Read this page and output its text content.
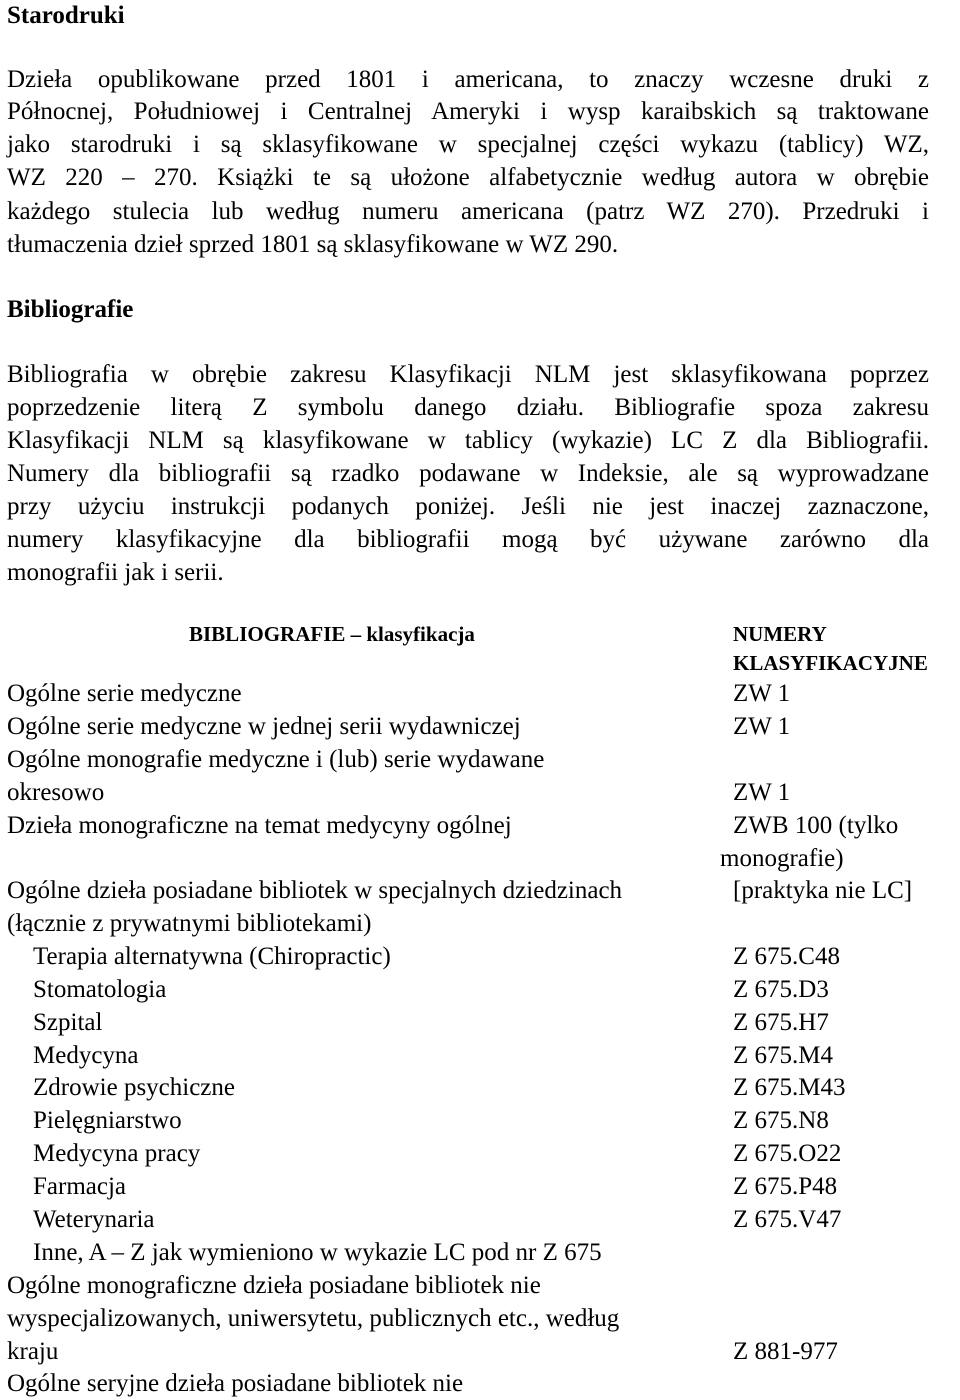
Starodruki
Dzieła opublikowane przed 1801 i americana, to znaczy wczesne druki z
Północnej, Południowej i Centralnej Ameryki i wysp karaibskich są traktowane
jako starodruki i są sklasyfikowane w specjalnej części wykazu (tablicy) WZ,
WZ 220 – 270. Książki te są ułożone alfabetycznie według autora w obrębie
każdego stulecia lub według numeru americana (patrz WZ 270). Przedruki i
tłumaczenia dzieł sprzed 1801 są sklasyfikowane w WZ 290.
Bibliografie
Bibliografia w obrębie zakresu Klasyfikacji NLM jest sklasyfikowana poprzez
poprzedzenie literą Z symbolu danego działu. Bibliografie spoza zakresu
Klasyfikacji NLM są klasyfikowane w tablicy (wykazie) LC Z dla Bibliografii.
Numery dla bibliografii są rzadko podawane w Indeksie, ale są wyprowadzane
przy użyciu instrukcji podanych poniżej. Jeśli nie jest inaczej zaznaczone,
numery klasyfikacyjne dla bibliografii mogą być używane zarówno dla
monografii jak i serii.
BIBLIOGRAFIE – klasyfikacja	NUMERY
KLASYFIKACYJNE
Ogólne serie medyczne	ZW 1
Ogólne serie medyczne w jednej serii wydawniczej	ZW 1
Ogólne monografie medyczne i (lub) serie wydawane
okresowo	ZW 1
Dzieła monograficzne na temat medycyny ogólnej	ZWB 100 (tylko
monografie)
Ogólne dzieła posiadane bibliotek w specjalnych dziedzinach	[praktyka nie LC]
(łącznie z prywatnymi bibliotekami)
Terapia alternatywna (Chiropractic)	Z 675.C48
Stomatologia	Z 675.D3
Szpital	Z 675.H7
Medycyna	Z 675.M4
Zdrowie psychiczne	Z 675.M43
Pielęgniarstwo	Z 675.N8
Medycyna pracy	Z 675.O22
Farmacja	Z 675.P48
Weterynaria	Z 675.V47
Inne, A – Z jak wymieniono w wykazie LC pod nr Z 675
Ogólne monograficzne dzieła posiadane bibliotek nie
wyspecjalizowanych, uniwersytetu, publicznych etc., według
kraju	Z 881-977
Ogólne seryjne dzieła posiadane bibliotek nie
